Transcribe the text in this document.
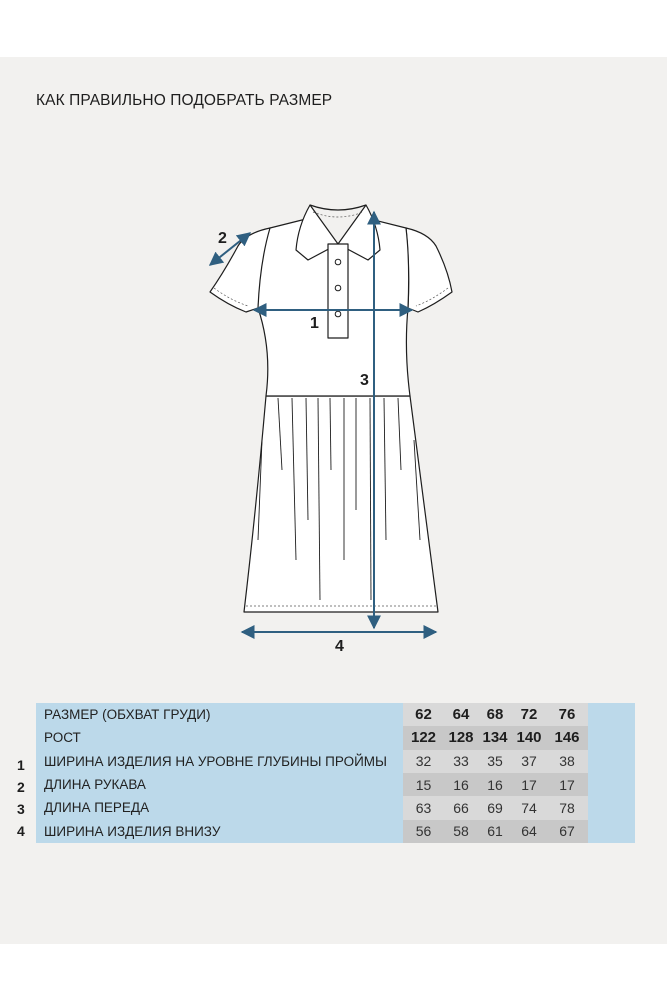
КАК ПРАВИЛЬНО ПОДОБРАТЬ РАЗМЕР
1
2
3
4
1
2
3
4
РАЗМЕР (ОБХВАТ ГРУДИ)	62	64	68	72	76	
РОСТ	122	128	134	140	146	
ШИРИНА ИЗДЕЛИЯ НА УРОВНЕ ГЛУБИНЫ ПРОЙМЫ	32	33	35	37	38	
ДЛИНА РУКАВА	15	16	16	17	17	
ДЛИНА ПЕРЕДА	63	66	69	74	78	
ШИРИНА ИЗДЕЛИЯ ВНИЗУ	56	58	61	64	67	
